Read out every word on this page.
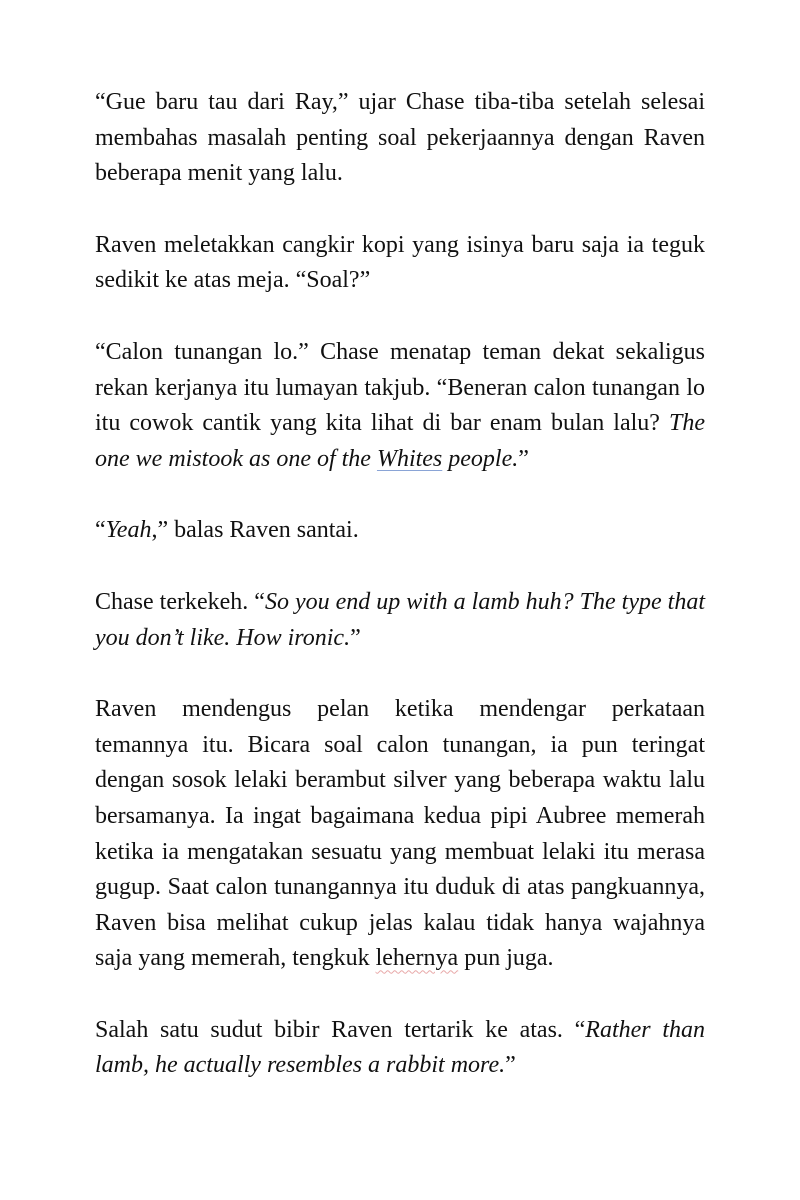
“Gue baru tau dari Ray,” ujar Chase tiba-tiba setelah selesai membahas masalah penting soal pekerjaannya dengan Raven beberapa menit yang lalu.

Raven meletakkan cangkir kopi yang isinya baru saja ia teguk sedikit ke atas meja. “Soal?”

“Calon tunangan lo.” Chase menatap teman dekat sekaligus rekan kerjanya itu lumayan takjub. “Beneran calon tunangan lo itu cowok cantik yang kita lihat di bar enam bulan lalu? The one we mistook as one of the Whites people.”

“Yeah,” balas Raven santai.

Chase terkekeh. “So you end up with a lamb huh? The type that you don’t like. How ironic.”

Raven mendengus pelan ketika mendengar perkataan temannya itu. Bicara soal calon tunangan, ia pun teringat dengan sosok lelaki berambut silver yang beberapa waktu lalu bersamanya. Ia ingat bagaimana kedua pipi Aubree memerah ketika ia mengatakan sesuatu yang membuat lelaki itu merasa gugup. Saat calon tunangannya itu duduk di atas pangkuannya, Raven bisa melihat cukup jelas kalau tidak hanya wajahnya saja yang memerah, tengkuk lehernya pun juga.

Salah satu sudut bibir Raven tertarik ke atas. “Rather than lamb, he actually resembles a rabbit more.”
